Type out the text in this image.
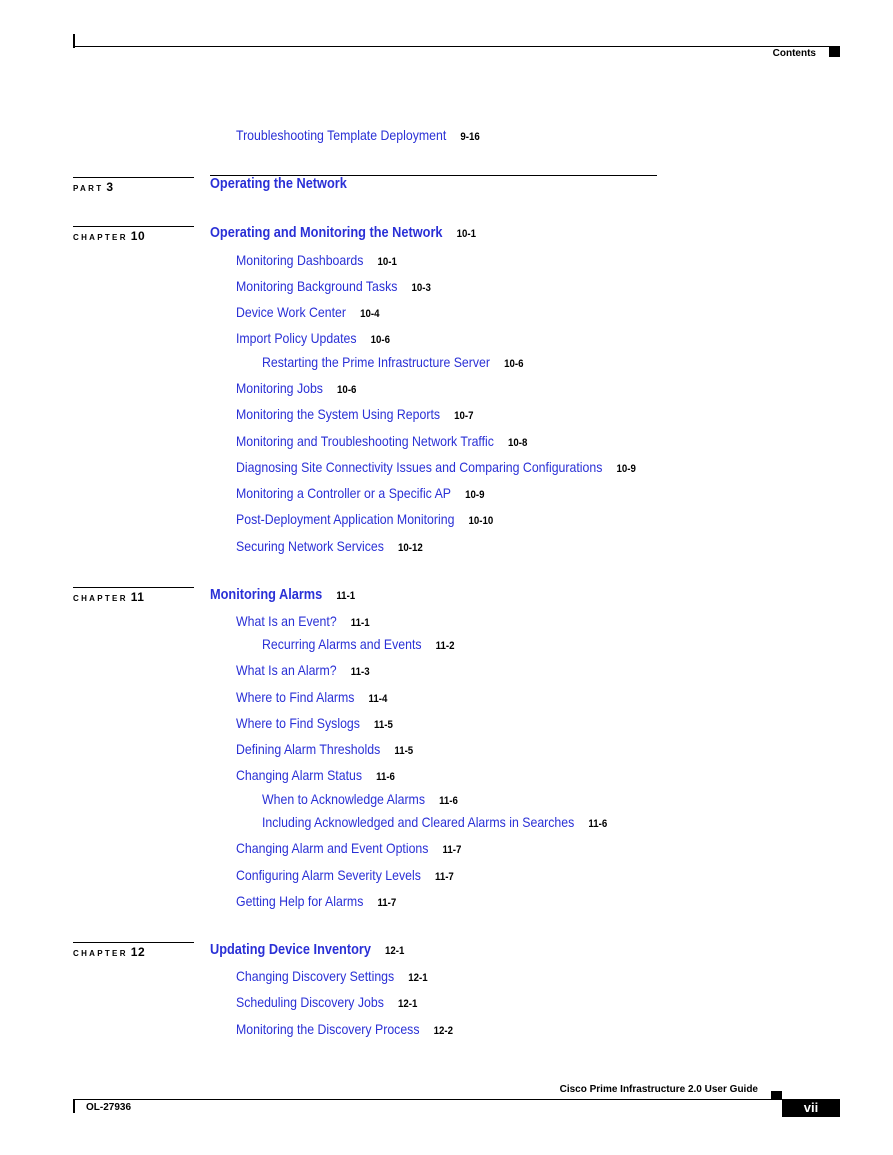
Contents
Troubleshooting Template Deployment 9-16
PART 3	Operating the Network
CHAPTER 10	Operating and Monitoring the Network 10-1
Monitoring Dashboards 10-1
Monitoring Background Tasks 10-3
Device Work Center 10-4
Import Policy Updates 10-6
Restarting the Prime Infrastructure Server 10-6
Monitoring Jobs 10-6
Monitoring the System Using Reports 10-7
Monitoring and Troubleshooting Network Traffic 10-8
Diagnosing Site Connectivity Issues and Comparing Configurations 10-9
Monitoring a Controller or a Specific AP 10-9
Post-Deployment Application Monitoring 10-10
Securing Network Services 10-12
CHAPTER 11	Monitoring Alarms 11-1
What Is an Event? 11-1
Recurring Alarms and Events 11-2
What Is an Alarm? 11-3
Where to Find Alarms 11-4
Where to Find Syslogs 11-5
Defining Alarm Thresholds 11-5
Changing Alarm Status 11-6
When to Acknowledge Alarms 11-6
Including Acknowledged and Cleared Alarms in Searches 11-6
Changing Alarm and Event Options 11-7
Configuring Alarm Severity Levels 11-7
Getting Help for Alarms 11-7
CHAPTER 12	Updating Device Inventory 12-1
Changing Discovery Settings 12-1
Scheduling Discovery Jobs 12-1
Monitoring the Discovery Process 12-2
Cisco Prime Infrastructure 2.0 User Guide
OL-27936	vii
